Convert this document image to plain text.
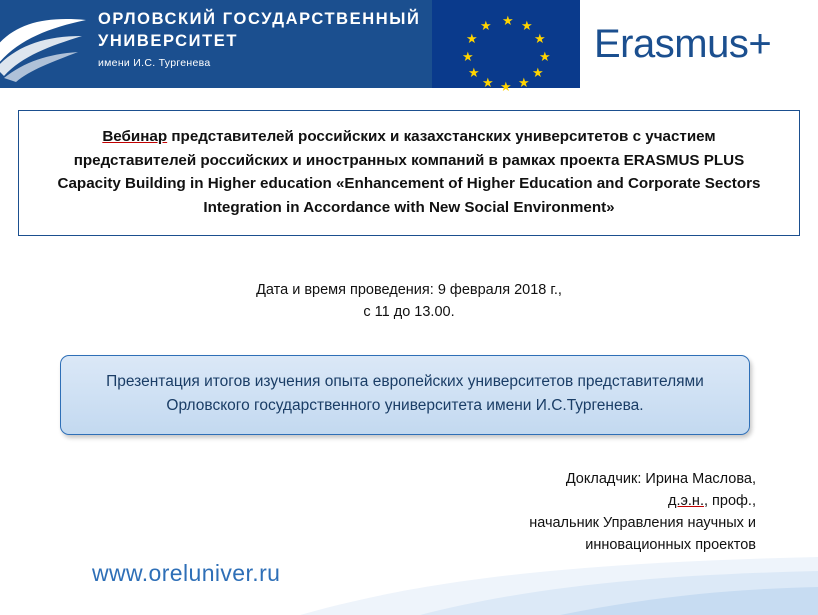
ОРЛОВСКИЙ ГОСУДАРСТВЕННЫЙ
УНИВЕРСИТЕТ
имени И.С. Тургенева
★ ★
★
★
★
★
★
★
★
★
★
★	Erasmus+
Вебинар представителей российских и казахстанских университетов с участием представителей российских и иностранных компаний в рамках проекта ERASMUS PLUS Capacity Building in Higher education «Enhancement of Higher Education and Corporate Sectors Integration in Accordance with New Social Environment»
Дата и время проведения: 9 февраля 2018 г.,
с 11 до 13.00.
Презентация итогов изучения опыта европейских университетов представителями Орловского государственного университета имени И.С.Тургенева.
Докладчик: Ирина Маслова,
д.э.н., проф.,
начальник Управления научных и
инновационных проектов
www.oreluniver.ru
